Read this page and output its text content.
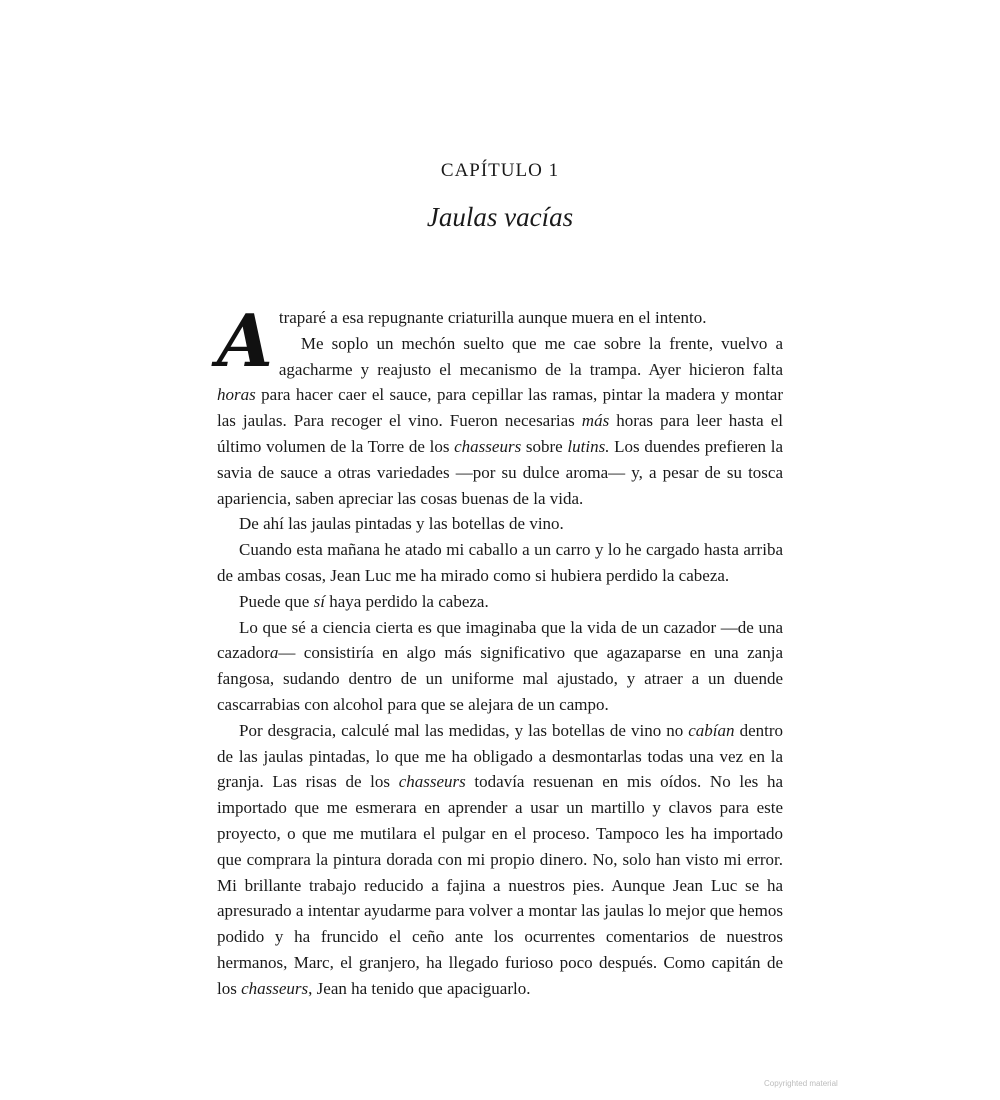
CAPÍTULO 1
Jaulas vacías

Atraparé a esa repugnante criaturilla aunque muera en el intento.

Me soplo un mechón suelto que me cae sobre la frente, vuelvo a agacharme y reajusto el mecanismo de la trampa. Ayer hicieron falta horas para hacer caer el sauce, para cepillar las ramas, pintar la madera y montar las jaulas. Para recoger el vino. Fueron necesarias más horas para leer hasta el último volumen de la Torre de los chasseurs sobre lutins. Los duendes prefieren la savia de sauce a otras variedades —por su dulce aroma— y, a pesar de su tosca apariencia, saben apreciar las cosas buenas de la vida.

De ahí las jaulas pintadas y las botellas de vino.

Cuando esta mañana he atado mi caballo a un carro y lo he cargado hasta arriba de ambas cosas, Jean Luc me ha mirado como si hubiera perdido la cabeza.

Puede que sí haya perdido la cabeza.

Lo que sé a ciencia cierta es que imaginaba que la vida de un cazador —de una cazadora— consistiría en algo más significativo que agazaparse en una zanja fangosa, sudando dentro de un uniforme mal ajustado, y atraer a un duende cascarrabias con alcohol para que se alejara de un campo.

Por desgracia, calculé mal las medidas, y las botellas de vino no cabían dentro de las jaulas pintadas, lo que me ha obligado a desmontarlas todas una vez en la granja. Las risas de los chasseurs todavía resuenan en mis oídos. No les ha importado que me esmerara en aprender a usar un martillo y clavos para este proyecto, o que me mutilara el pulgar en el proceso. Tampoco les ha importado que comprara la pintura dorada con mi propio dinero. No, solo han visto mi error. Mi brillante trabajo reducido a fajina a nuestros pies. Aunque Jean Luc se ha apresurado a intentar ayudarme para volver a montar las jaulas lo mejor que hemos podido y ha fruncido el ceño ante los ocurrentes comentarios de nuestros hermanos, Marc, el granjero, ha llegado furioso poco después. Como capitán de los chasseurs, Jean ha tenido que apaciguarlo.

Copyrighted material
